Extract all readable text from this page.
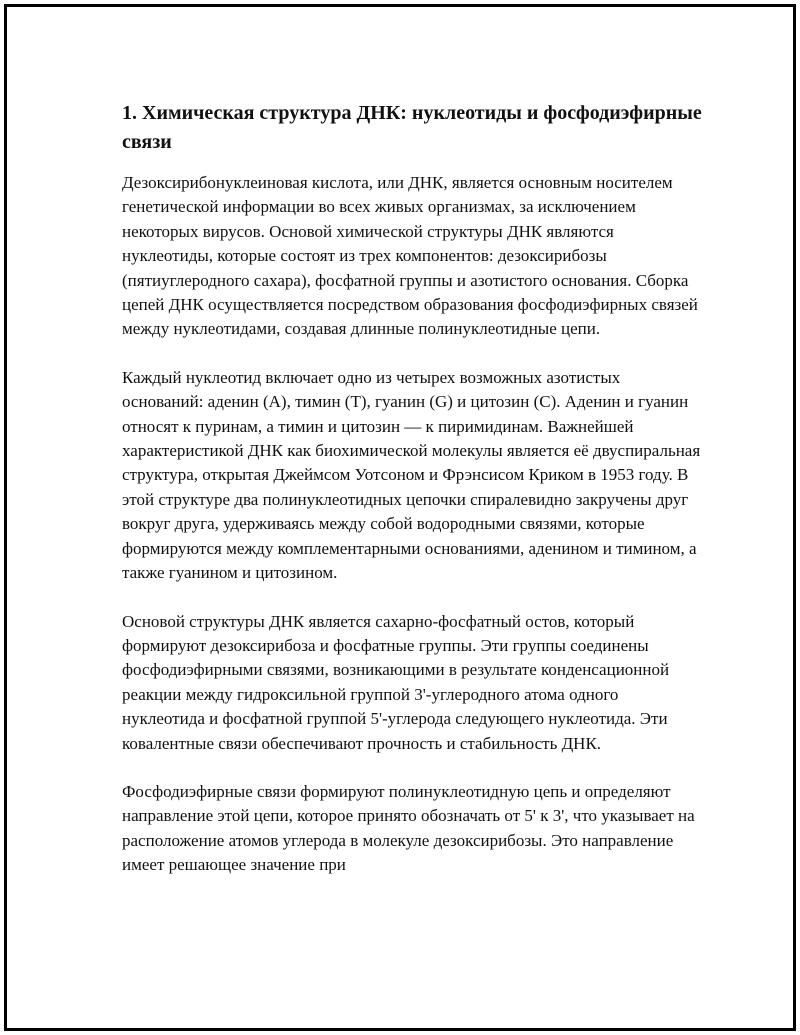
1. Химическая структура ДНК: нуклеотиды и фосфодиэфирные связи

Дезоксирибонуклеиновая кислота, или ДНК, является основным носителем генетической информации во всех живых организмах, за исключением некоторых вирусов. Основой химической структуры ДНК являются нуклеотиды, которые состоят из трех компонентов: дезоксирибозы (пятиуглеродного сахара), фосфатной группы и азотистого основания. Сборка цепей ДНК осуществляется посредством образования фосфодиэфирных связей между нуклеотидами, создавая длинные полинуклеотидные цепи.

Каждый нуклеотид включает одно из четырех возможных азотистых оснований: аденин (A), тимин (T), гуанин (G) и цитозин (C). Аденин и гуанин относят к пуринам, а тимин и цитозин — к пиримидинам. Важнейшей характеристикой ДНК как биохимической молекулы является её двуспиральная структура, открытая Джеймсом Уотсоном и Фрэнсисом Криком в 1953 году. В этой структуре два полинуклеотидных цепочки спиралевидно закручены друг вокруг друга, удерживаясь между собой водородными связями, которые формируются между комплементарными основаниями, аденином и тимином, а также гуанином и цитозином.

Основой структуры ДНК является сахарно-фосфатный остов, который формируют дезоксирибоза и фосфатные группы. Эти группы соединены фосфодиэфирными связями, возникающими в результате конденсационной реакции между гидроксильной группой 3'-углеродного атома одного нуклеотида и фосфатной группой 5'-углерода следующего нуклеотида. Эти ковалентные связи обеспечивают прочность и стабильность ДНК.

Фосфодиэфирные связи формируют полинуклеотидную цепь и определяют направление этой цепи, которое принято обозначать от 5' к 3', что указывает на расположение атомов углерода в молекуле дезоксирибозы. Это направление имеет решающее значение при
